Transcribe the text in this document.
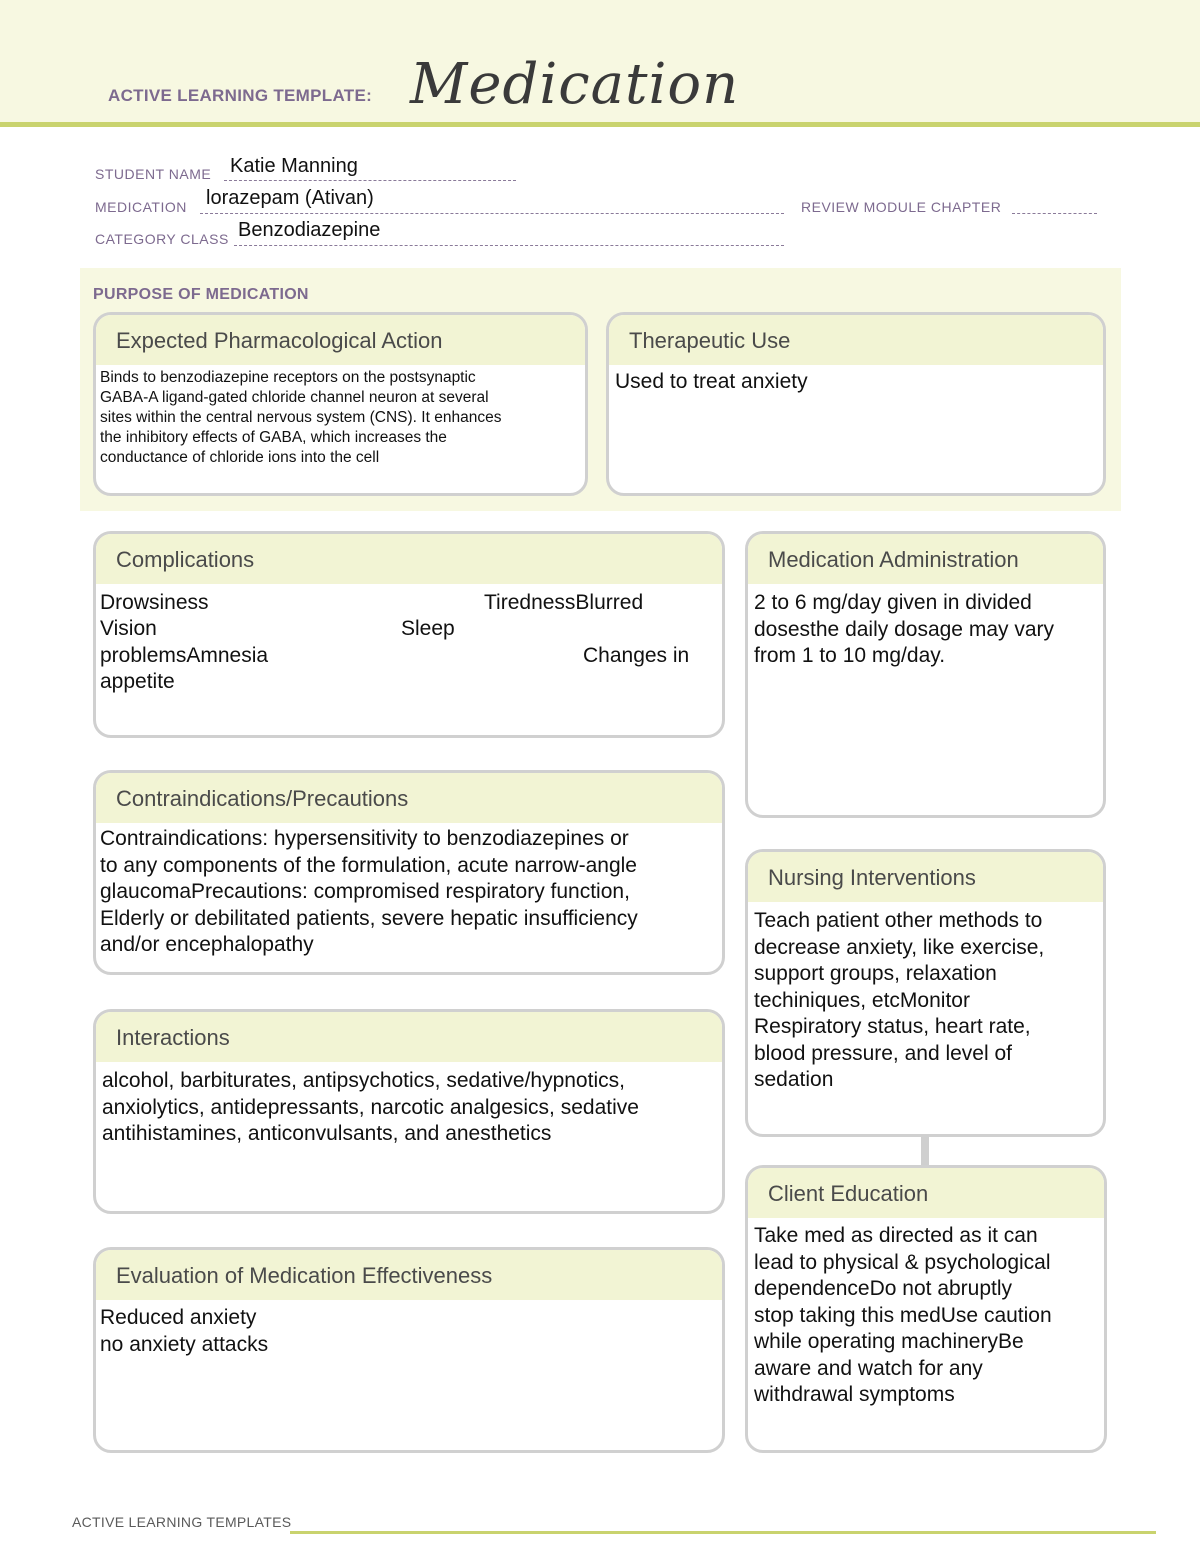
ACTIVE LEARNING TEMPLATE: Medication
STUDENT NAME Katie Manning
MEDICATION lorazepam (Ativan)	REVIEW MODULE CHAPTER
CATEGORY CLASS Benzodiazepine
PURPOSE OF MEDICATION
Expected Pharmacological Action
Binds to benzodiazepine receptors on the postsynaptic
GABA-A ligand-gated chloride channel neuron at several
sites within the central nervous system (CNS). It enhances
the inhibitory effects of GABA, which increases the
conductance of chloride ions into the cell
Therapeutic Use
Used to treat anxiety
Complications
Drowsiness	TirednessBlurred
Vision	Sleep
problemsAmnesia	Changes in
appetite
Medication Administration
2 to 6 mg/day given in divided
dosesthe daily dosage may vary
from 1 to 10 mg/day.
Contraindications/Precautions
Contraindications: hypersensitivity to benzodiazepines or
to any components of the formulation, acute narrow-angle
glaucomaPrecautions: compromised respiratory function,
Elderly or debilitated patients, severe hepatic insufficiency
and/or encephalopathy
Nursing Interventions
Teach patient other methods to
decrease anxiety, like exercise,
support groups, relaxation
techiniques, etcMonitor
Respiratory status, heart rate,
blood pressure, and level of
sedation
Interactions
alcohol, barbiturates, antipsychotics, sedative/hypnotics,
anxiolytics, antidepressants, narcotic analgesics, sedative
antihistamines, anticonvulsants, and anesthetics
Client Education
Take med as directed as it can
lead to physical & psychological
dependenceDo not abruptly
stop taking this medUse caution
while operating machineryBe
aware and watch for any
withdrawal symptoms
Evaluation of Medication Effectiveness
Reduced anxiety
no anxiety attacks
ACTIVE LEARNING TEMPLATES
